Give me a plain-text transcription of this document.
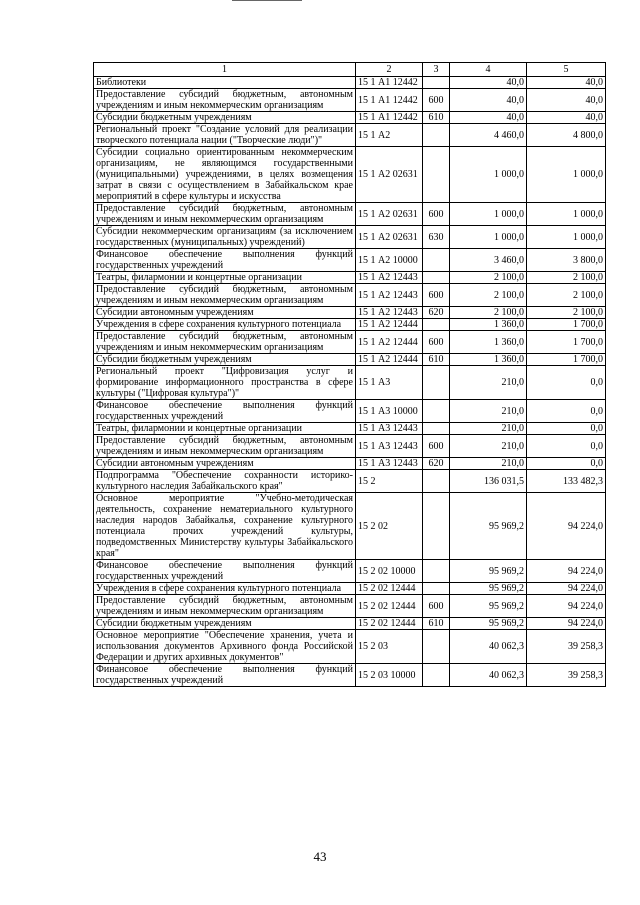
1	2	3	4	5
Библиотеки	15 1 А1 12442		40,0	40,0
Предоставление субсидий бюджетным, автономным учреждениям и иным некоммерческим организациям	15 1 А1 12442	600	40,0	40,0
Субсидии бюджетным учреждениям	15 1 А1 12442	610	40,0	40,0
Региональный проект "Создание условий для реализации творческого потенциала нации ("Творческие люди")"	15 1 А2		4 460,0	4 800,0
Субсидии социально ориентированным некоммерческим организациям, не являющимся государственными (муниципальными) учреждениями, в целях возмещения затрат в связи с осуществлением в Забайкальском крае мероприятий в сфере культуры и искусства	15 1 А2 02631		1 000,0	1 000,0
Предоставление субсидий бюджетным, автономным учреждениям и иным некоммерческим организациям	15 1 А2 02631	600	1 000,0	1 000,0
Субсидии некоммерческим организациям (за исключением государственных (муниципальных) учреждений)	15 1 А2 02631	630	1 000,0	1 000,0
Финансовое обеспечение выполнения функций государственных учреждений	15 1 А2 10000		3 460,0	3 800,0
Театры, филармонии и концертные организации	15 1 А2 12443		2 100,0	2 100,0
Предоставление субсидий бюджетным, автономным учреждениям и иным некоммерческим организациям	15 1 А2 12443	600	2 100,0	2 100,0
Субсидии автономным учреждениям	15 1 А2 12443	620	2 100,0	2 100,0
Учреждения в сфере сохранения культурного потенциала	15 1 А2 12444		1 360,0	1 700,0
Предоставление субсидий бюджетным, автономным учреждениям и иным некоммерческим организациям	15 1 А2 12444	600	1 360,0	1 700,0
Субсидии бюджетным учреждениям	15 1 А2 12444	610	1 360,0	1 700,0
Региональный проект "Цифровизация услуг и формирование информационного пространства в сфере культуры ("Цифровая культура")"	15 1 А3		210,0	0,0
Финансовое обеспечение выполнения функций государственных учреждений	15 1 А3 10000		210,0	0,0
Театры, филармонии и концертные организации	15 1 А3 12443		210,0	0,0
Предоставление субсидий бюджетным, автономным учреждениям и иным некоммерческим организациям	15 1 А3 12443	600	210,0	0,0
Субсидии автономным учреждениям	15 1 А3 12443	620	210,0	0,0
Подпрограмма "Обеспечение сохранности историко-культурного наследия Забайкальского края"	15 2		136 031,5	133 482,3
Основное мероприятие "Учебно-методическая деятельность, сохранение нематериального культурного наследия народов Забайкалья, сохранение культурного потенциала прочих учреждений культуры, подведомственных Министерству культуры Забайкальского края"	15 2 02		95 969,2	94 224,0
Финансовое обеспечение выполнения функций государственных учреждений	15 2 02 10000		95 969,2	94 224,0
Учреждения в сфере сохранения культурного потенциала	15 2 02 12444		95 969,2	94 224,0
Предоставление субсидий бюджетным, автономным учреждениям и иным некоммерческим организациям	15 2 02 12444	600	95 969,2	94 224,0
Субсидии бюджетным учреждениям	15 2 02 12444	610	95 969,2	94 224,0
Основное мероприятие "Обеспечение хранения, учета и использования документов Архивного фонда Российской Федерации и других архивных документов"	15 2 03		40 062,3	39 258,3
Финансовое обеспечение выполнения функций государственных учреждений	15 2 03 10000		40 062,3	39 258,3
43
